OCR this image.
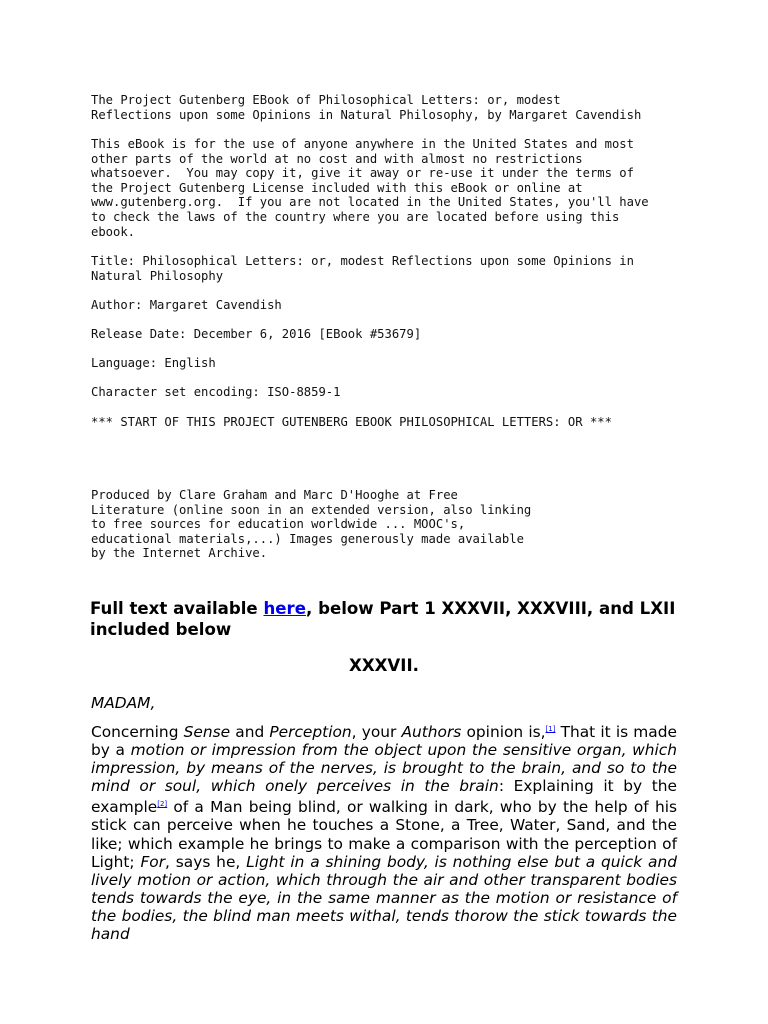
The Project Gutenberg EBook of Philosophical Letters: or, modest
Reflections upon some Opinions in Natural Philosophy, by Margaret Cavendish
This eBook is for the use of anyone anywhere in the United States and most
other parts of the world at no cost and with almost no restrictions
whatsoever.  You may copy it, give it away or re-use it under the terms of
the Project Gutenberg License included with this eBook or online at
www.gutenberg.org.  If you are not located in the United States, you'll have
to check the laws of the country where you are located before using this
ebook.
Title: Philosophical Letters: or, modest Reflections upon some Opinions in
Natural Philosophy
Author: Margaret Cavendish
Release Date: December 6, 2016 [EBook #53679]
Language: English
Character set encoding: ISO-8859-1
*** START OF THIS PROJECT GUTENBERG EBOOK PHILOSOPHICAL LETTERS: OR ***
Produced by Clare Graham and Marc D'Hooghe at Free
Literature (online soon in an extended version, also linking
to free sources for education worldwide ... MOOC's,
educational materials,...) Images generously made available
by the Internet Archive.
Full text available here, below Part 1 XXXVII, XXXVIII, and LXII included below
XXXVII.

MADAM,

Concerning Sense and Perception, your Authors opinion is,[1] That it is made by a motion or impression from the object upon the sensitive organ, which impression, by means of the nerves, is brought to the brain, and so to the mind or soul, which onely perceives in the brain: Explaining it by the example[2] of a Man being blind, or walking in dark, who by the help of his stick can perceive when he touches a Stone, a Tree, Water, Sand, and the like; which example he brings to make a comparison with the perception of Light; For, says he, Light in a shining body, is nothing else but a quick and lively motion or action, which through the air and other transparent bodies tends towards the eye, in the same manner as the motion or resistance of the bodies, the blind man meets withal, tends thorow the stick towards the hand
